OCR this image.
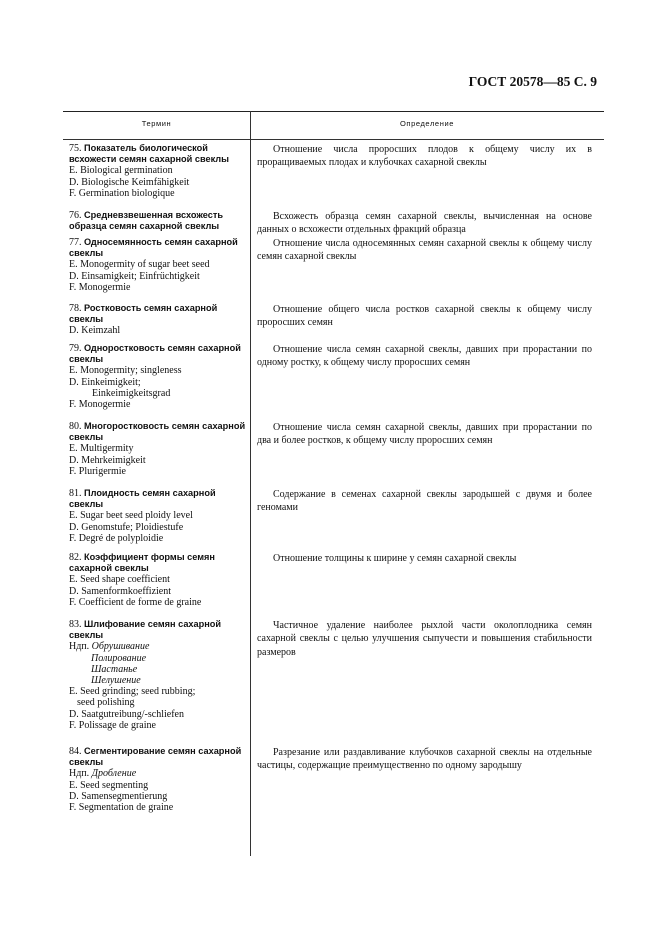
ГОСТ 20578—85 С. 9
Термин	Определение
75. Показатель биологической всхожести семян сахарной свеклы
E. Biological germination
D. Biologische Keimfähigkeit
F. Germination biologique
Отношение числа проросших плодов к общему числу их в проращиваемых плодах и клубочках сахарной свеклы
76. Средневзвешенная всхожесть образца семян сахарной свеклы
Всхожесть образца семян сахарной свеклы, вычисленная на основе данных о всхожести отдельных фракций образца
77. Односемянность семян сахарной свеклы
E. Monogermity of sugar beet seed
D. Einsamigkeit; Einfrüchtigkeit
F. Monogermie
Отношение числа односемянных семян сахарной свеклы к общему числу семян сахарной свеклы
78. Ростковость семян сахарной свеклы
D. Keimzahl
Отношение общего числа ростков сахарной свеклы к общему числу проросших семян
79. Одноростковость семян сахарной свеклы
E. Monogermity; singleness
D. Einkeimigkeit;
Einkeimigkeitsgrad
F. Monogermie
Отношение числа семян сахарной свеклы, давших при прорастании по одному ростку, к общему числу проросших семян
80. Многоростковость семян сахарной свеклы
E. Multigermity
D. Mehrkeimigkeit
F. Plurigermie
Отношение числа семян сахарной свеклы, давших при прорастании по два и более ростков, к общему числу проросших семян
81. Плоидность семян сахарной свеклы
E. Sugar beet seed ploidy level
D. Genomstufe; Ploidiestufe
F. Degré de polyploidie
Содержание в семенах сахарной свеклы зародышей с двумя и более геномами
82. Коэффициент формы семян сахарной свеклы
E. Seed shape coefficient
D. Samenformkoeffizient
F. Coefficient de forme de graine
Отношение толщины к ширине у семян сахарной свеклы
83. Шлифование семян сахарной свеклы
Ндп. Обрушивание
Полирование
Шастанье
Шелушение
E. Seed grinding; seed rubbing;
seed polishing
D. Saatgutreibung/-schliefen
F. Polissage de graine
Частичное удаление наиболее рыхлой части околоплодника семян сахарной свеклы с целью улучшения сыпучести и повышения стабильности размеров
84. Сегментирование семян сахарной свеклы
Ндп. Дробление
E. Seed segmenting
D. Samensegmentierung
F. Segmentation de graine
Разрезание или раздавливание клубочков сахарной свеклы на отдельные частицы, содержащие преимущественно по одному зародышу
